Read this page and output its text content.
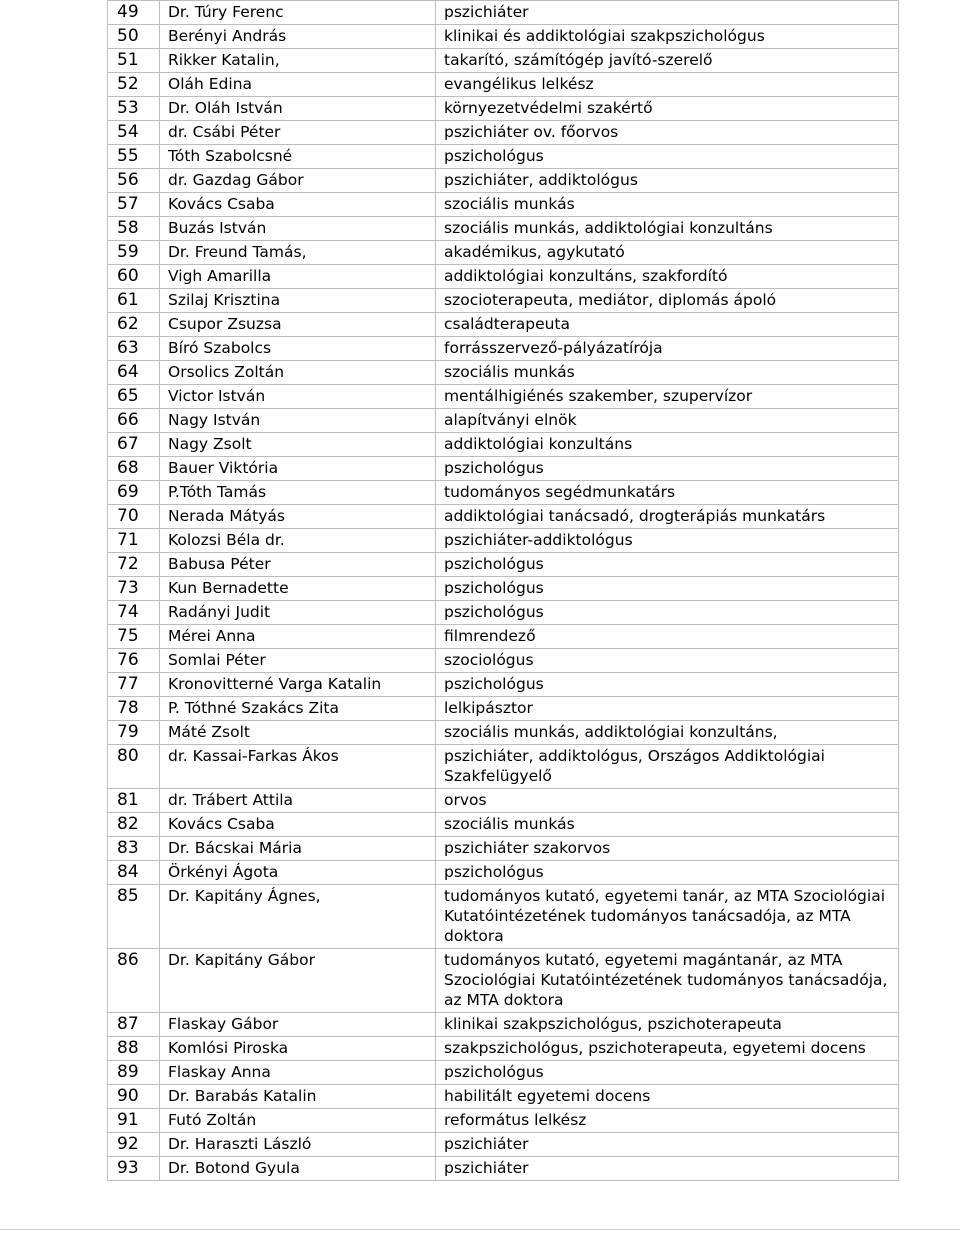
49	Dr. Túry Ferenc	pszichiáter
50	Berényi András	klinikai és addiktológiai szakpszichológus
51	Rikker Katalin,	takarító, számítógép javító-szerelő
52	Oláh Edina	evangélikus lelkész
53	Dr. Oláh István	környezetvédelmi szakértő
54	dr. Csábi Péter	pszichiáter ov. főorvos
55	Tóth Szabolcsné	pszichológus
56	dr. Gazdag Gábor	pszichiáter, addiktológus
57	Kovács Csaba	szociális munkás
58	Buzás István	szociális munkás, addiktológiai konzultáns
59	Dr. Freund Tamás,	akadémikus, agykutató
60	Vigh Amarilla	addiktológiai konzultáns, szakfordító
61	Szilaj Krisztina	szocioterapeuta, mediátor, diplomás ápoló
62	Csupor Zsuzsa	családterapeuta
63	Bíró Szabolcs	forrásszervező-pályázatírója
64	Orsolics Zoltán	szociális munkás
65	Victor István	mentálhigiénés szakember, szupervízor
66	Nagy István	alapítványi elnök
67	Nagy Zsolt	addiktológiai konzultáns
68	Bauer Viktória	pszichológus
69	P.Tóth Tamás	tudományos segédmunkatárs
70	Nerada Mátyás	addiktológiai tanácsadó, drogterápiás munkatárs
71	Kolozsi Béla dr.	pszichiáter-addiktológus
72	Babusa Péter	pszichológus
73	Kun Bernadette	pszichológus
74	Radányi Judit	pszichológus
75	Mérei Anna	filmrendező
76	Somlai Péter	szociológus
77	Kronovitterné Varga Katalin	pszichológus
78	P. Tóthné Szakács Zita	lelkipásztor
79	Máté Zsolt	szociális munkás, addiktológiai konzultáns,
80	dr. Kassai-Farkas Ákos	pszichiáter, addiktológus, Országos Addiktológiai Szakfelügyelő
81	dr. Trábert Attila	orvos
82	Kovács Csaba	szociális munkás
83	Dr. Bácskai Mária	pszichiáter szakorvos
84	Örkényi Ágota	pszichológus
85	Dr. Kapitány Ágnes,	tudományos kutató, egyetemi tanár, az MTA Szociológiai Kutatóintézetének tudományos tanácsadója, az MTA doktora
86	Dr. Kapitány Gábor	tudományos kutató, egyetemi magántanár, az MTA Szociológiai Kutatóintézetének tudományos tanácsadója, az MTA doktora
87	Flaskay Gábor	klinikai szakpszichológus, pszichoterapeuta
88	Komlósi Piroska	szakpszichológus, pszichoterapeuta, egyetemi docens
89	Flaskay Anna	pszichológus
90	Dr. Barabás Katalin	habilitált egyetemi docens
91	Futó Zoltán	református lelkész
92	Dr. Haraszti László	pszichiáter
93	Dr. Botond Gyula	pszichiáter
